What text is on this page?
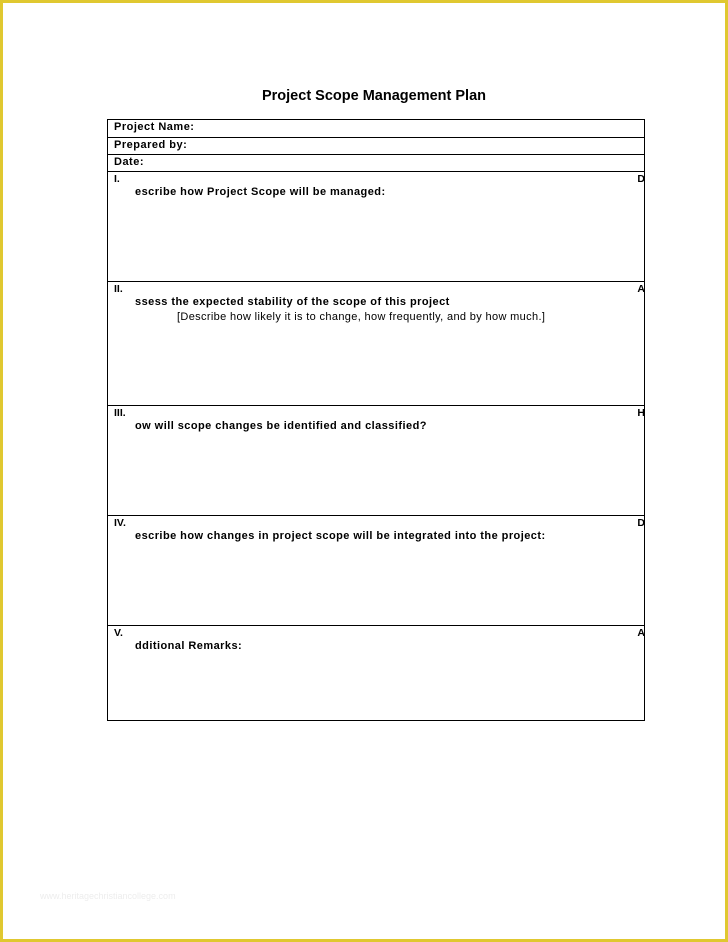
Project Scope Management Plan
Project Name:
Prepared by:
Date:
I.	D
escribe how Project Scope will be managed:
II.	A
ssess the expected stability of the scope of this project
[Describe how likely it is to change, how frequently, and by how much.]
III.	H
ow will scope changes be identified and classified?
IV.	D
escribe how changes in project scope will be integrated into the project:
V.	A
dditional Remarks:
www.heritagechristiancollege.com
